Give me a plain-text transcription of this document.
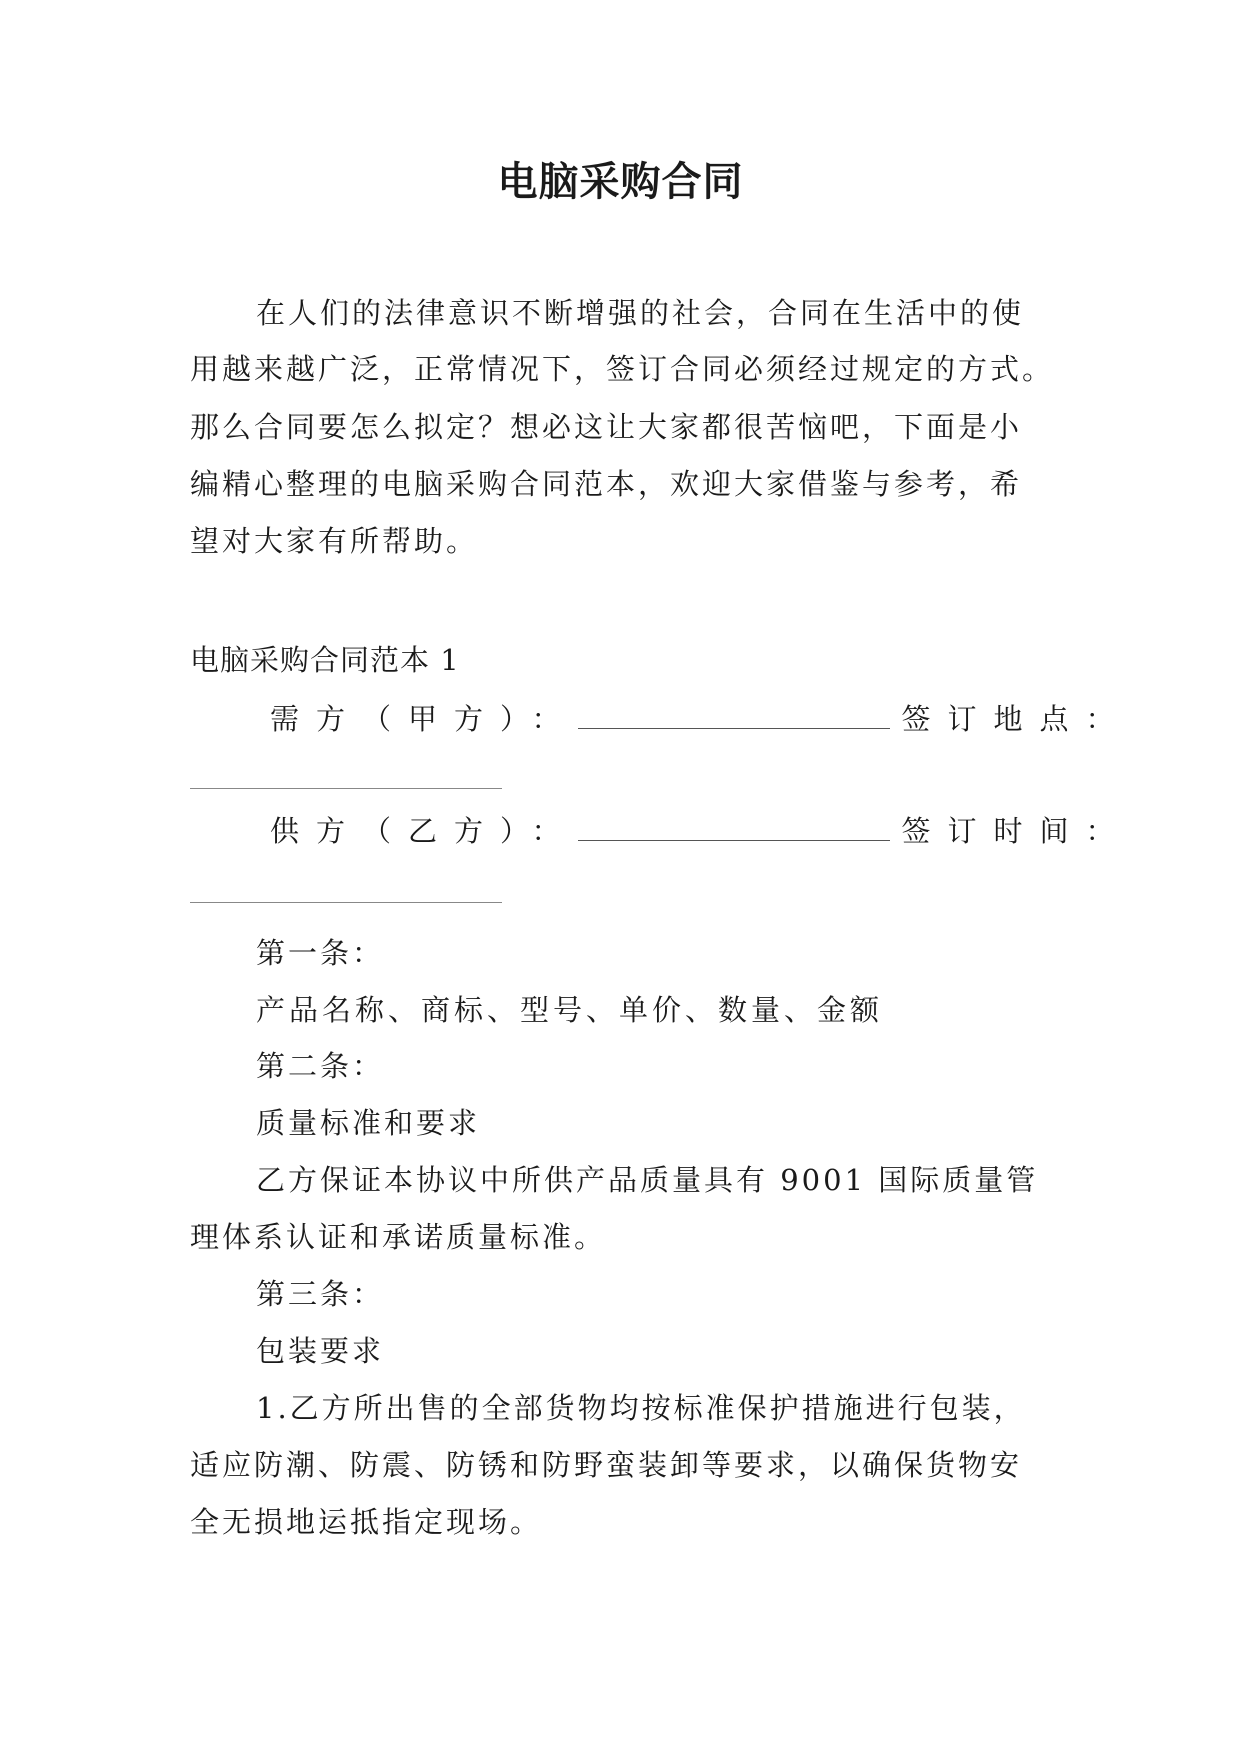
电脑采购合同
在人们的法律意识不断增强的社会，合同在生活中的使
用越来越广泛，正常情况下，签订合同必须经过规定的方式。
那么合同要怎么拟定？想必这让大家都很苦恼吧，下面是小
编精心整理的电脑采购合同范本，欢迎大家借鉴与参考，希
望对大家有所帮助。
电脑采购合同范本 1
需方（甲方）：	签订地点：
供方（乙方）：	签订时间：
第一条：
产品名称、商标、型号、单价、数量、金额
第二条：
质量标准和要求
乙方保证本协议中所供产品质量具有 9001 国际质量管
理体系认证和承诺质量标准。
第三条：
包装要求
1.乙方所出售的全部货物均按标准保护措施进行包装，
适应防潮、防震、防锈和防野蛮装卸等要求，以确保货物安
全无损地运抵指定现场。
